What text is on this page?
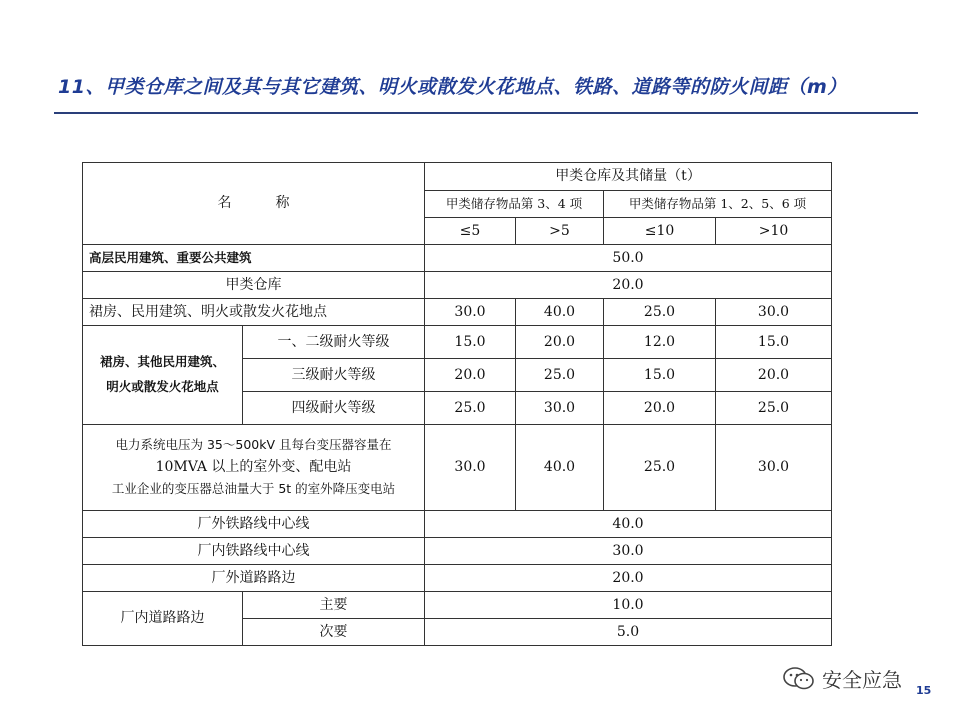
11、甲类仓库之间及其与其它建筑、明火或散发火花地点、铁路、道路等的防火间距（m）
名称		甲类仓库及其储量（t）			
		甲类储存物品第 3、4 项		甲类储存物品第 1、2、5、6 项	
		≤5	>5	≤10	>10
高层民用建筑、重要公共建筑		50.0			
甲类仓库		20.0			
裙房、民用建筑、明火或散发火花地点		30.0	40.0	25.0	30.0

裙房、其他民用建筑、
明火或散发火花地点	一、二级耐火等级	15.0	20.0	12.0	15.0
	三级耐火等级	20.0	25.0	15.0	20.0
	四级耐火等级	25.0	30.0	20.0	25.0

电力系统电压为 35～500kV 且每台变压器容量在
10MVA 以上的室外变、配电站
工业企业的变压器总油量大于 5t 的室外降压变电站		30.0	40.0	25.0	30.0
厂外铁路线中心线		40.0			
厂内铁路线中心线		30.0			
厂外道路路边		20.0			
厂内道路路边	主要	10.0			
	次要	5.0			
安全应急 15
